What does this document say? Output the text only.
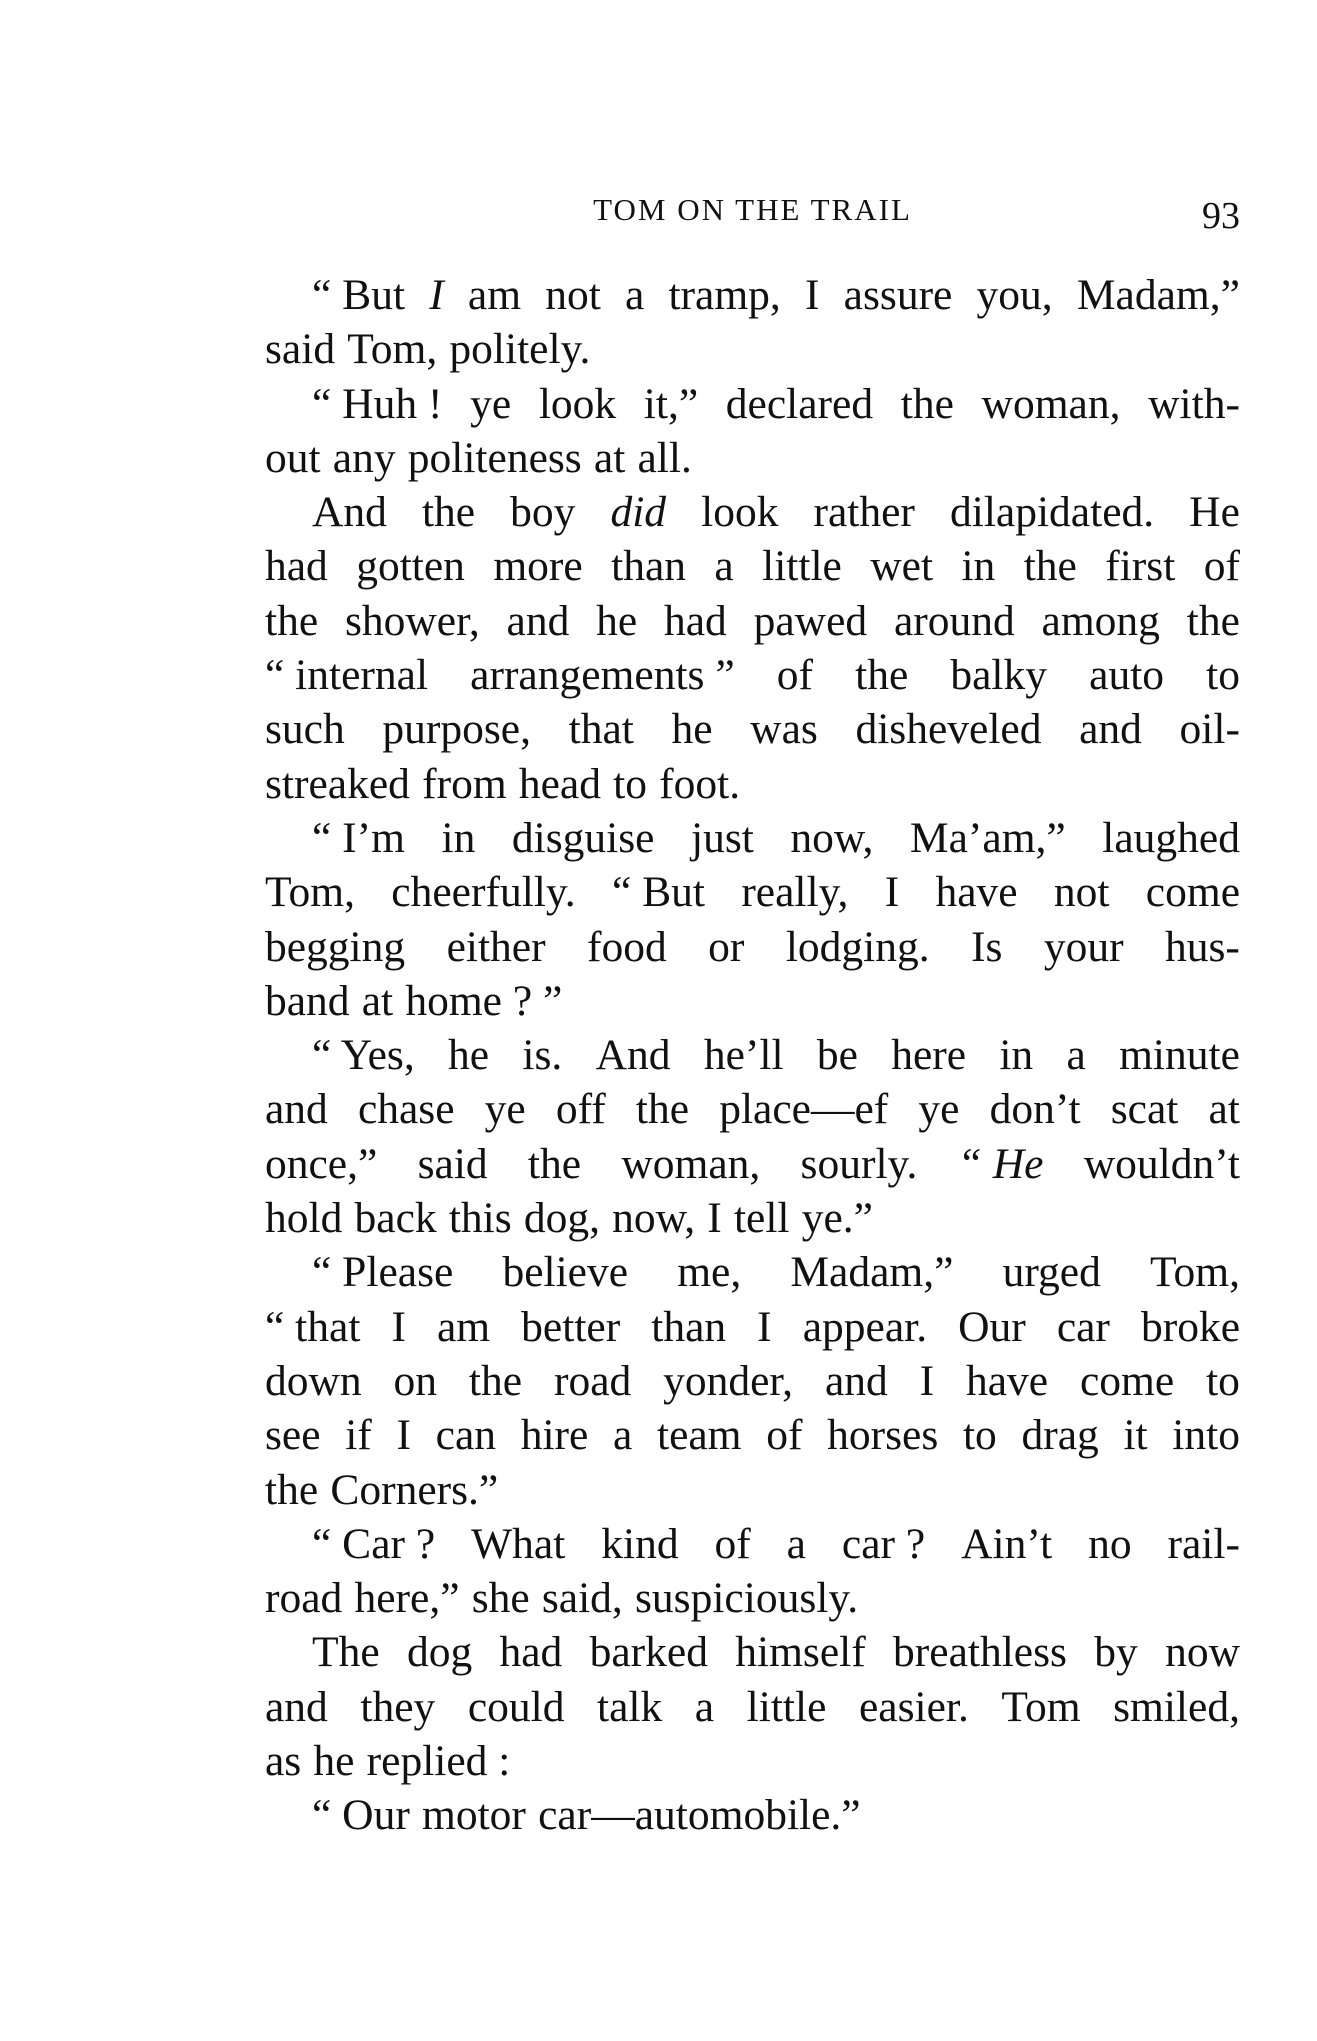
TOM ON THE TRAIL	93
“ But I am not a tramp, I assure you, Madam,”
said Tom, politely.
“ Huh ! ye look it,” declared the woman, with-
out any politeness at all.
And the boy did look rather dilapidated. He
had gotten more than a little wet in the first of
the shower, and he had pawed around among the
“ internal arrangements ” of the balky auto to
such purpose, that he was disheveled and oil-
streaked from head to foot.
“ I’m in disguise just now, Ma’am,” laughed
Tom, cheerfully. “ But really, I have not come
begging either food or lodging. Is your hus-
band at home ? ”
“ Yes, he is. And he’ll be here in a minute
and chase ye off the place—ef ye don’t scat at
once,” said the woman, sourly. “ He wouldn’t
hold back this dog, now, I tell ye.”
“ Please believe me, Madam,” urged Tom,
“ that I am better than I appear. Our car broke
down on the road yonder, and I have come to
see if I can hire a team of horses to drag it into
the Corners.”
“ Car ? What kind of a car ? Ain’t no rail-
road here,” she said, suspiciously.
The dog had barked himself breathless by now
and they could talk a little easier. Tom smiled,
as he replied :
“ Our motor car—automobile.”
